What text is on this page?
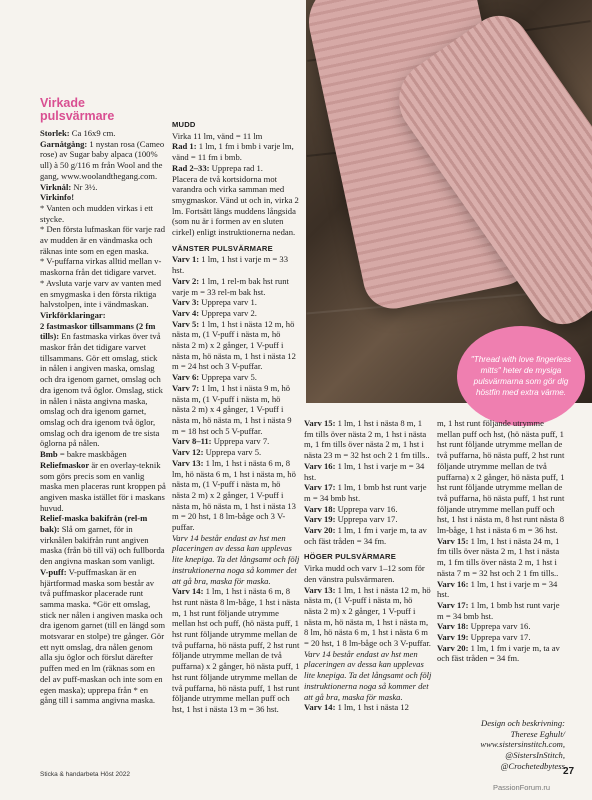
"Thread with love fingerless mitts" heter de mysiga pulsvärmarna som gör dig höstfin med extra värme.
Virkade
pulsvärmare

Storlek: Ca 16x9 cm.

Garnåtgång: 1 nystan rosa (Cameo rose) av Sugar baby alpaca (100% ull) à 50 g/116 m från Wool and the gang, www.woolandthegang.com.

Virknål: Nr 3½.

Virkinfo!

* Vanten och mudden virkas i ett stycke.

* Den första lufmaskan för varje rad av mudden är en vändmaska och räknas inte som en egen maska.

* V-puffarna virkas alltid mellan v-maskorna från det tidigare varvet.

* Avsluta varje varv av vanten med en smygmaska i den första riktiga halvstolpen, inte i vändmaskan.

Virkförklaringar:

2 fastmaskor tillsammans (2 fm tills): En fastmaska virkas över två maskor från det tidigare varvet tillsammans. Gör ett omslag, stick in nålen i angiven maska, omslag och dra igenom garnet, omslag och dra igenom två öglor. Omslag, stick in nålen i nästa angivna maska, omslag och dra igenom garnet, omslag och dra igenom två öglor, omslag och dra igenom de tre sista öglorna på nålen.

Bmb = bakre maskbågen

Reliefmaskor är en overlay-teknik som görs precis som en vanlig maska men placeras runt kroppen på angiven maska istället för i maskans huvud.

Relief-maska bakifrån (rel-m bak): Slå om garnet, för in virknålen bakifrån runt angiven maska (från bö till vä) och fullborda den angivna maskan som vanligt.

V-puff: V-puffmaskan är en hjärtformad maska som består av två puffmaskor placerade runt samma maska. *Gör ett omslag, stick ner nålen i angiven maska och dra igenom garnet (till en längd som motsvarar en stolpe) tre gånger. Gör ett nytt omslag, dra nålen genom alla sju öglor och förslut därefter puffen med en lm (räknas som en del av puff-maskan och inte som en egen maska); upprepa från * en gång till i samma angivna maska.

MUDD

Virka 11 lm, vänd = 11 lm

Rad 1: 1 lm, 1 fm i bmb i varje lm, vänd = 11 fm i bmb.

Rad 2–33: Upprepa rad 1.

Placera de två kortsidorna mot varandra och virka samman med smygmaskor. Vänd ut och in, virka 2 lm. Fortsätt längs muddens långsida (som nu är i formen av en sluten cirkel) enligt instruktionerna nedan.

VÄNSTER PULSVÄRMARE

Varv 1: 1 lm, 1 hst i varje m = 33 hst.

Varv 2: 1 lm, 1 rel-m bak hst runt varje m = 33 rel-m bak hst.

Varv 3: Upprepa varv 1.

Varv 4: Upprepa varv 2.

Varv 5: 1 lm, 1 hst i nästa 12 m, hö nästa m, (1 V-puff i nästa m, hö nästa 2 m) x 2 gånger, 1 V-puff i nästa m, hö nästa m, 1 hst i nästa 12 m = 24 hst och 3 V-puffar.

Varv 6: Upprepa varv 5.

Varv 7: 1 lm, 1 hst i nästa 9 m, hö nästa m, (1 V-puff i nästa m, hö nästa 2 m) x 4 gånger, 1 V-puff i nästa m, hö nästa m, 1 hst i nästa 9 m = 18 hst och 5 V-puffar.

Varv 8–11: Upprepa varv 7.

Varv 12: Upprepa varv 5.

Varv 13: 1 lm, 1 hst i nästa 6 m, 8 lm, hö nästa 6 m, 1 hst i nästa m, hö nästa m, (1 V-puff i nästa m, hö nästa 2 m) x 2 gånger, 1 V-puff i nästa m, hö nästa m, 1 hst i nästa 13 m = 20 hst, 1 8 lm-båge och 3 V-puffar.

Varv 14 består endast av hst men placeringen av dessa kan upplevas lite knepiga. Ta det långsamt och följ instruktionerna noga så kommer det att gå bra, maska för maska.

Varv 14: 1 lm, 1 hst i nästa 6 m, 8 hst runt nästa 8 lm-båge, 1 hst i nästa m, 1 hst runt följande utrymme mellan hst och puff, (hö nästa puff, 1 hst runt följande utrymme mellan de två puffarna, hö nästa puff, 2 hst runt följande utrymme mellan de två puffarna) x 2 gånger, hö nästa puff, 1 hst runt följande utrymme mellan de två puffarna, hö nästa puff, 1 hst runt följande utrymme mellan puff och hst, 1 hst i nästa 13 m = 36 hst.

Varv 15: 1 lm, 1 hst i nästa 8 m, 1 fm tills över nästa 2 m, 1 hst i nästa m, 1 fm tills över nästa 2 m, 1 hst i nästa 23 m = 32 hst och 2 1 fm tills..

Varv 16: 1 lm, 1 hst i varje m = 34 hst.

Varv 17: 1 lm, 1 bmb hst runt varje m = 34 bmb hst.

Varv 18: Upprepa varv 16.

Varv 19: Upprepa varv 17.

Varv 20: 1 lm, 1 fm i varje m, ta av och fäst tråden = 34 fm.

HÖGER PULSVÄRMARE

Virka mudd och varv 1–12 som för den vänstra pulsvärmaren.

Varv 13: 1 lm, 1 hst i nästa 12 m, hö nästa m, (1 V-puff i nästa m, hö nästa 2 m) x 2 gånger, 1 V-puff i nästa m, hö nästa m, 1 hst i nästa m, 8 lm, hö nästa 6 m, 1 hst i nästa 6 m = 20 hst, 1 8 lm-båge och 3 V-puffar.

Varv 14 består endast av hst men placeringen av dessa kan upplevas lite knepiga. Ta det långsamt och följ instruktionerna noga så kommer det att gå bra, maska för maska.

Varv 14: 1 lm, 1 hst i nästa 12

m, 1 hst runt följande utrymme mellan puff och hst, (hö nästa puff, 1 hst runt följande utrymme mellan de två puffarna, hö nästa puff, 2 hst runt följande utrymme mellan de två puffarna) x 2 gånger, hö nästa puff, 1 hst runt följande utrymme mellan de två puffarna, hö nästa puff, 1 hst runt följande utrymme mellan puff och hst, 1 hst i nästa m, 8 hst runt nästa 8 lm-båge, 1 hst i nästa 6 m = 36 hst.

Varv 15: 1 lm, 1 hst i nästa 24 m, 1 fm tills över nästa 2 m, 1 hst i nästa m, 1 fm tills över nästa 2 m, 1 hst i nästa 7 m = 32 hst och 2 1 fm tills..

Varv 16: 1 lm, 1 hst i varje m = 34 hst.

Varv 17: 1 lm, 1 bmb hst runt varje m = 34 bmb hst.

Varv 18: Upprepa varv 16.

Varv 19: Upprepa varv 17.

Varv 20: 1 lm, 1 fm i varje m, ta av och fäst tråden = 34 fm.

Design och beskrivning:
Therese Eghult/
www.sistersinstitch.com,
@SistersInStitch,
@Crochetedbytess
Sticka & handarbeta Höst 2022	27
PassionForum.ru
